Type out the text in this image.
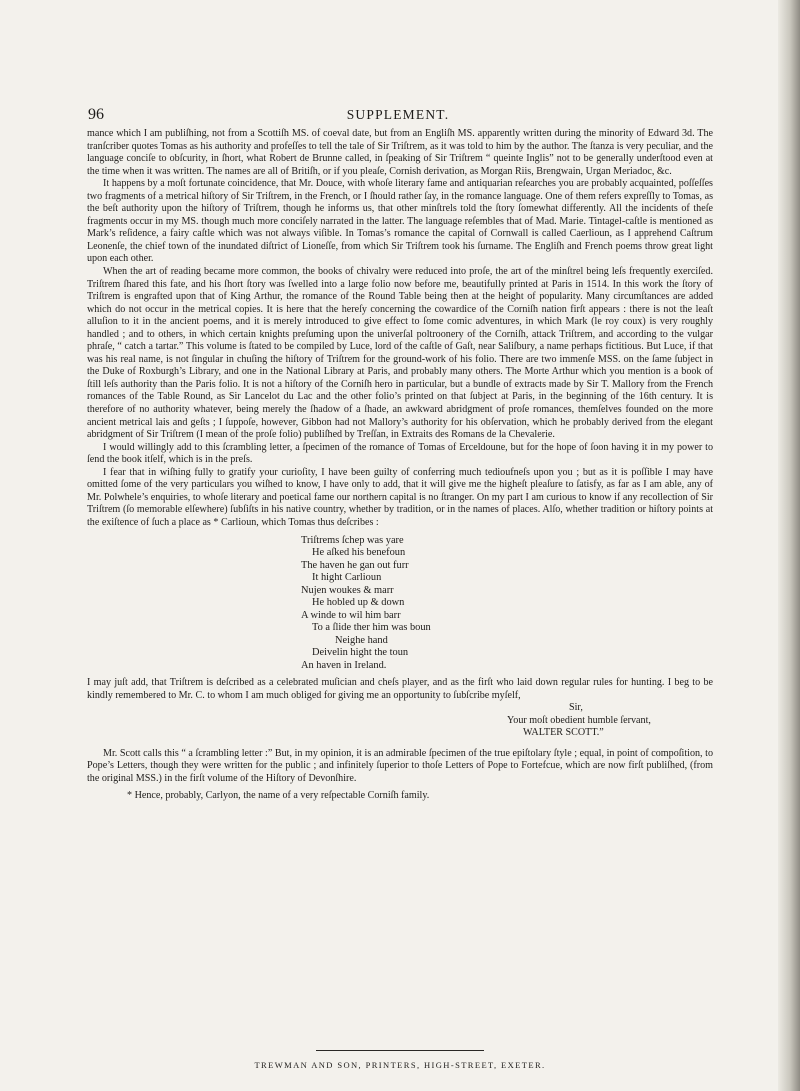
96	SUPPLEMENT.

mance which I am publiſhing, not from a Scottiſh MS. of coeval date, but from an Engliſh MS. apparently written during the minority of Edward 3d. The tranſcriber quotes Tomas as his authority and profeſſes to tell the tale of Sir Triſtrem, as it was told to him by the author. The ſtanza is very peculiar, and the language conciſe to obſcurity, in ſhort, what Robert de Brunne called, in ſpeaking of Sir Triſtrem “ queinte Inglis” not to be generally underſtood even at the time when it was written. The names are all of Britiſh, or if you pleaſe, Cornish derivation, as Morgan Riis, Brengwain, Urgan Meriadoc, &c.

It happens by a moſt fortunate coincidence, that Mr. Douce, with whoſe literary fame and antiquarian reſearches you are probably acquainted, poſſeſſes two fragments of a metrical hiſtory of Sir Triſtrem, in the French, or I ſhould rather ſay, in the romance language. One of them refers expreſſly to Tomas, as the beſt authority upon the hiſtory of Triſtrem, though he informs us, that other minſtrels told the ſtory ſomewhat differently. All the incidents of theſe fragments occur in my MS. though much more conciſely narrated in the latter. The language reſembles that of Mad. Marie. Tintagel-caſtle is mentioned as Mark’s reſidence, a fairy caſtle which was not always viſible. In Tomas’s romance the capital of Cornwall is called Caerlioun, as I apprehend Caſtrum Leonenſe, the chief town of the inundated diſtrict of Lioneſſe, from which Sir Triſtrem took his ſurname. The Engliſh and French poems throw great light upon each other.

When the art of reading became more common, the books of chivalry were reduced into proſe, the art of the minſtrel being leſs frequently exerciſed. Triſtrem ſhared this fate, and his ſhort ſtory was ſwelled into a large folio now before me, beautifully printed at Paris in 1514. In this work the ſtory of Triſtrem is engrafted upon that of King Arthur, the romance of the Round Table being then at the height of popularity. Many circumſtances are added which do not occur in the metrical copies. It is here that the hereſy concerning the cowardice of the Corniſh nation firſt appears : there is not the leaſt alluſion to it in the ancient poems, and it is merely introduced to give effect to ſome comic adventures, in which Mark (le roy coux) is very roughly handled ; and to others, in which certain knights preſuming upon the univerſal poltroonery of the Corniſh, attack Triſtrem, and according to the vulgar phraſe, “ catch a tartar.” This volume is ſtated to be compiled by Luce, lord of the caſtle of Gaſt, near Saliſbury, a name perhaps fictitious. But Luce, if that was his real name, is not ſingular in chuſing the hiſtory of Triſtrem for the ground-work of his folio. There are two immenſe MSS. on the ſame ſubject in the Duke of Roxburgh’s Library, and one in the National Library at Paris, and probably many others. The Morte Arthur which you mention is a book of ſtill leſs authority than the Paris folio. It is not a hiſtory of the Corniſh hero in particular, but a bundle of extracts made by Sir T. Mallory from the French romances of the Table Round, as Sir Lancelot du Lac and the other folio’s printed on that ſubject at Paris, in the beginning of the 16th century. It is therefore of no authority whatever, being merely the ſhadow of a ſhade, an awkward abridgment of proſe romances, themſelves founded on the more ancient metrical lais and geſts ; I ſuppoſe, however, Gibbon had not Mallory’s authority for his obſervation, which he probably derived from the elegant abridgment of Sir Triſtrem (I mean of the proſe folio) publiſhed by Treſſan, in Extraits des Romans de la Chevalerie.

I would willingly add to this ſcrambling letter, a ſpecimen of the romance of Tomas of Erceldoune, but for the hope of ſoon having it in my power to ſend the book itſelf, which is in the preſs.

I fear that in wiſhing fully to gratify your curioſity, I have been guilty of conferring much tedioufneſs upon you ; but as it is poſſible I may have omitted ſome of the very particulars you wiſhed to know, I have only to add, that it will give me the higheſt pleaſure to ſatisfy, as far as I am able, any of Mr. Polwhele’s enquiries, to whoſe literary and poetical fame our northern capital is no ſtranger. On my part I am curious to know if any recollection of Sir Triſtrem (ſo memorable elſewhere) ſubſiſts in his native country, whether by tradition, or in the names of places. Alſo, whether tradition or hiſtory points at the exiſtence of ſuch a place as * Carlioun, which Tomas thus deſcribes :

Triſtrems ſchep was yare
He aſked his benefoun
The haven he gan out furr
It hight Carlioun
Nujen woukes & marr
He hobled up & down
A winde to wil him barr
To a ſlide ther him was boun
Neighe hand
Deivelin hight the toun
An haven in Ireland.

I may juſt add, that Triſtrem is deſcribed as a celebrated muſician and cheſs player, and as the firſt who laid down regular rules for hunting. I beg to be kindly remembered to Mr. C. to whom I am much obliged for giving me an opportunity to ſubſcribe myſelf,

Sir,
Your moſt obedient humble ſervant,
WALTER SCOTT.”

Mr. Scott calls this “ a ſcrambling letter :” But, in my opinion, it is an admirable ſpecimen of the true epiſtolary ſtyle ; equal, in point of compoſition, to Pope’s Letters, though they were written for the public ; and infinitely ſuperior to thoſe Letters of Pope to Fortefcue, which are now firſt publiſhed, (from the original MSS.) in the firſt volume of the Hiſtory of Devonſhire.

* Hence, probably, Carlyon, the name of a very reſpectable Corniſh family.

TREWMAN AND SON, PRINTERS, HIGH-STREET, EXETER.
